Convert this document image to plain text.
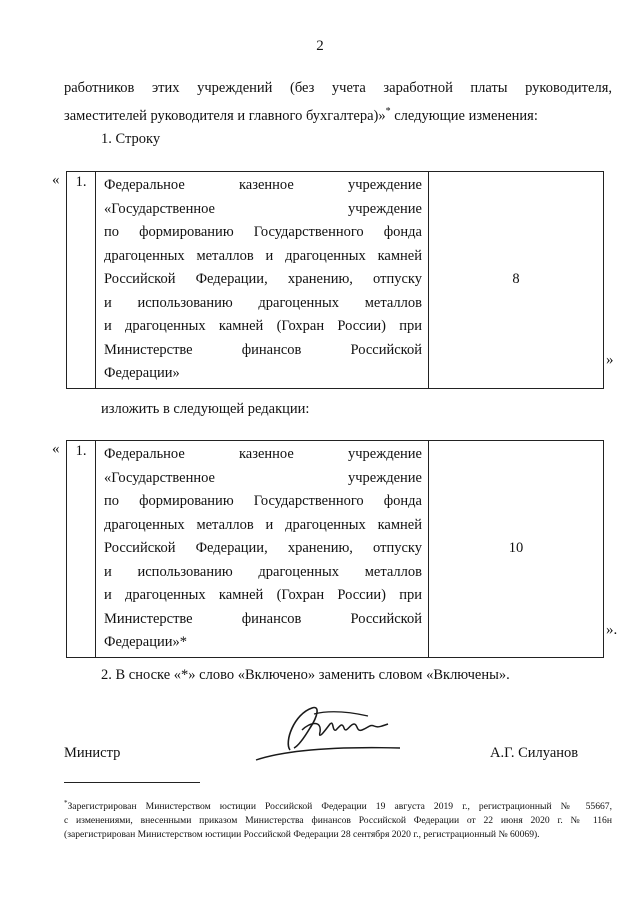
2
работников этих учреждений (без учета заработной платы руководителя,
заместителей руководителя и главного бухгалтера)»* следующие изменения:
1. Строку
« 1.	Федеральное казенное учреждение
«Государственное учреждение
по формированию Государственного фонда
драгоценных металлов и драгоценных камней
Российской Федерации, хранению, отпуску
и использованию драгоценных металлов
и драгоценных камней (Гохран России) при
Министерстве финансов Российской
Федерации»
	8
»
изложить в следующей редакции:
« 1.	Федеральное казенное учреждение
«Государственное учреждение
по формированию Государственного фонда
драгоценных металлов и драгоценных камней
Российской Федерации, хранению, отпуску
и использованию драгоценных металлов
и драгоценных камней (Гохран России) при
Министерстве финансов Российской
Федерации»*
	10
».
2. В сноске «*» слово «Включено» заменить словом «Включены».
Министр	А.Г. Силуанов
*Зарегистрирован Министерством юстиции Российской Федерации 19 августа 2019 г., регистрационный № 55667,
с изменениями, внесенными приказом Министерства финансов Российской Федерации от 22 июня 2020 г. № 116н
(зарегистрирован Министерством юстиции Российской Федерации 28 сентября 2020 г., регистрационный № 60069).
